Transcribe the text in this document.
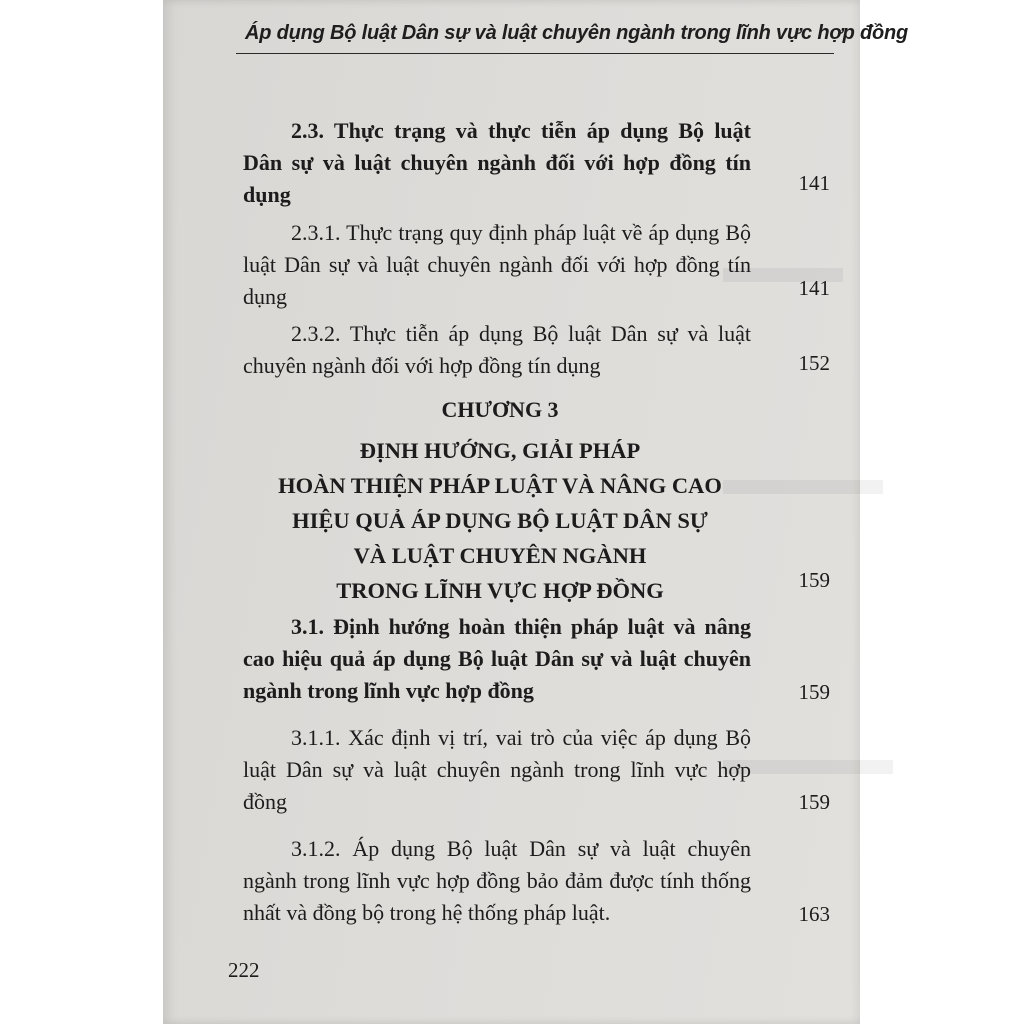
Áp dụng Bộ luật Dân sự và luật chuyên ngành trong lĩnh vực hợp đồng
2.3. Thực trạng và thực tiễn áp dụng Bộ luật Dân sự và luật chuyên ngành đối với hợp đồng tín dụng	141
2.3.1. Thực trạng quy định pháp luật về áp dụng Bộ luật Dân sự và luật chuyên ngành đối với hợp đồng tín dụng	141
2.3.2. Thực tiễn áp dụng Bộ luật Dân sự và luật chuyên ngành đối với hợp đồng tín dụng	152
CHƯƠNG 3
ĐỊNH HƯỚNG, GIẢI PHÁP
HOÀN THIỆN PHÁP LUẬT VÀ NÂNG CAO
HIỆU QUẢ ÁP DỤNG BỘ LUẬT DÂN SỰ
VÀ LUẬT CHUYÊN NGÀNH
TRONG LĨNH VỰC HỢP ĐỒNG	159
3.1. Định hướng hoàn thiện pháp luật và nâng cao hiệu quả áp dụng Bộ luật Dân sự và luật chuyên ngành trong lĩnh vực hợp đồng	159
3.1.1. Xác định vị trí, vai trò của việc áp dụng Bộ luật Dân sự và luật chuyên ngành trong lĩnh vực hợp đồng	159
3.1.2. Áp dụng Bộ luật Dân sự và luật chuyên ngành trong lĩnh vực hợp đồng bảo đảm được tính thống nhất và đồng bộ trong hệ thống pháp luật.	163
222
